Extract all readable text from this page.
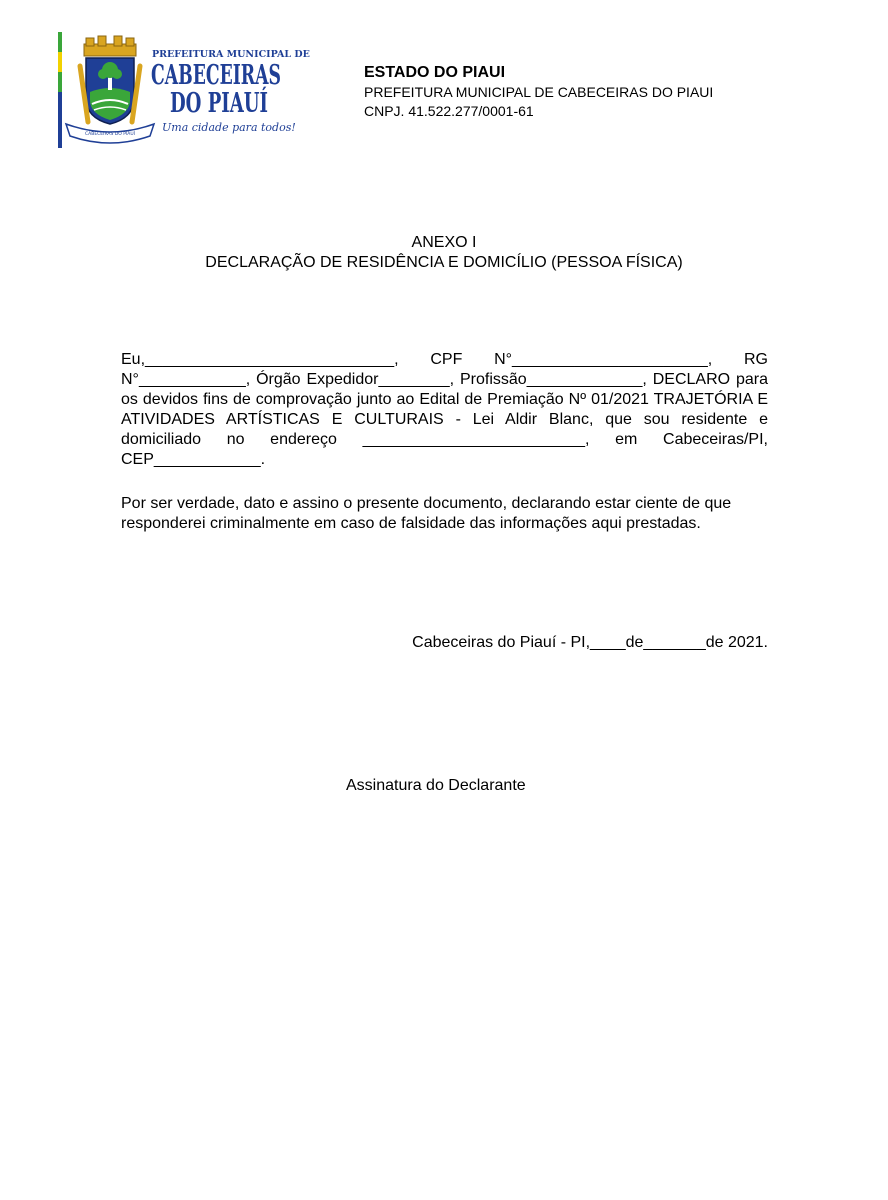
CABECEIRAS DO PIAUÍ
PREFEITURA MUNICIPAL DE
CABECEIRAS
DO PIAUÍ
Uma cidade para todos!
ESTADO DO PIAUI
PREFEITURA MUNICIPAL DE CABECEIRAS DO PIAUI
CNPJ. 41.522.277/0001-61
ANEXO I
DECLARAÇÃO DE RESIDÊNCIA E DOMICÍLIO (PESSOA FÍSICA)
Eu,____________________________, CPF N°______________________, RG N°____________, Órgão Expedidor________, Profissão_____________, DECLARO para os devidos fins de comprovação junto ao Edital de Premiação Nº 01/2021 TRAJETÓRIA E ATIVIDADES ARTÍSTICAS E CULTURAIS - Lei Aldir Blanc, que sou residente e domiciliado no endereço _________________________, em Cabeceiras/PI, CEP____________.
Por ser verdade, dato e assino o presente documento, declarando estar ciente de que responderei criminalmente em caso de falsidade das informações aqui prestadas.
Cabeceiras do Piauí - PI,____de_______de 2021.
Assinatura do Declarante
